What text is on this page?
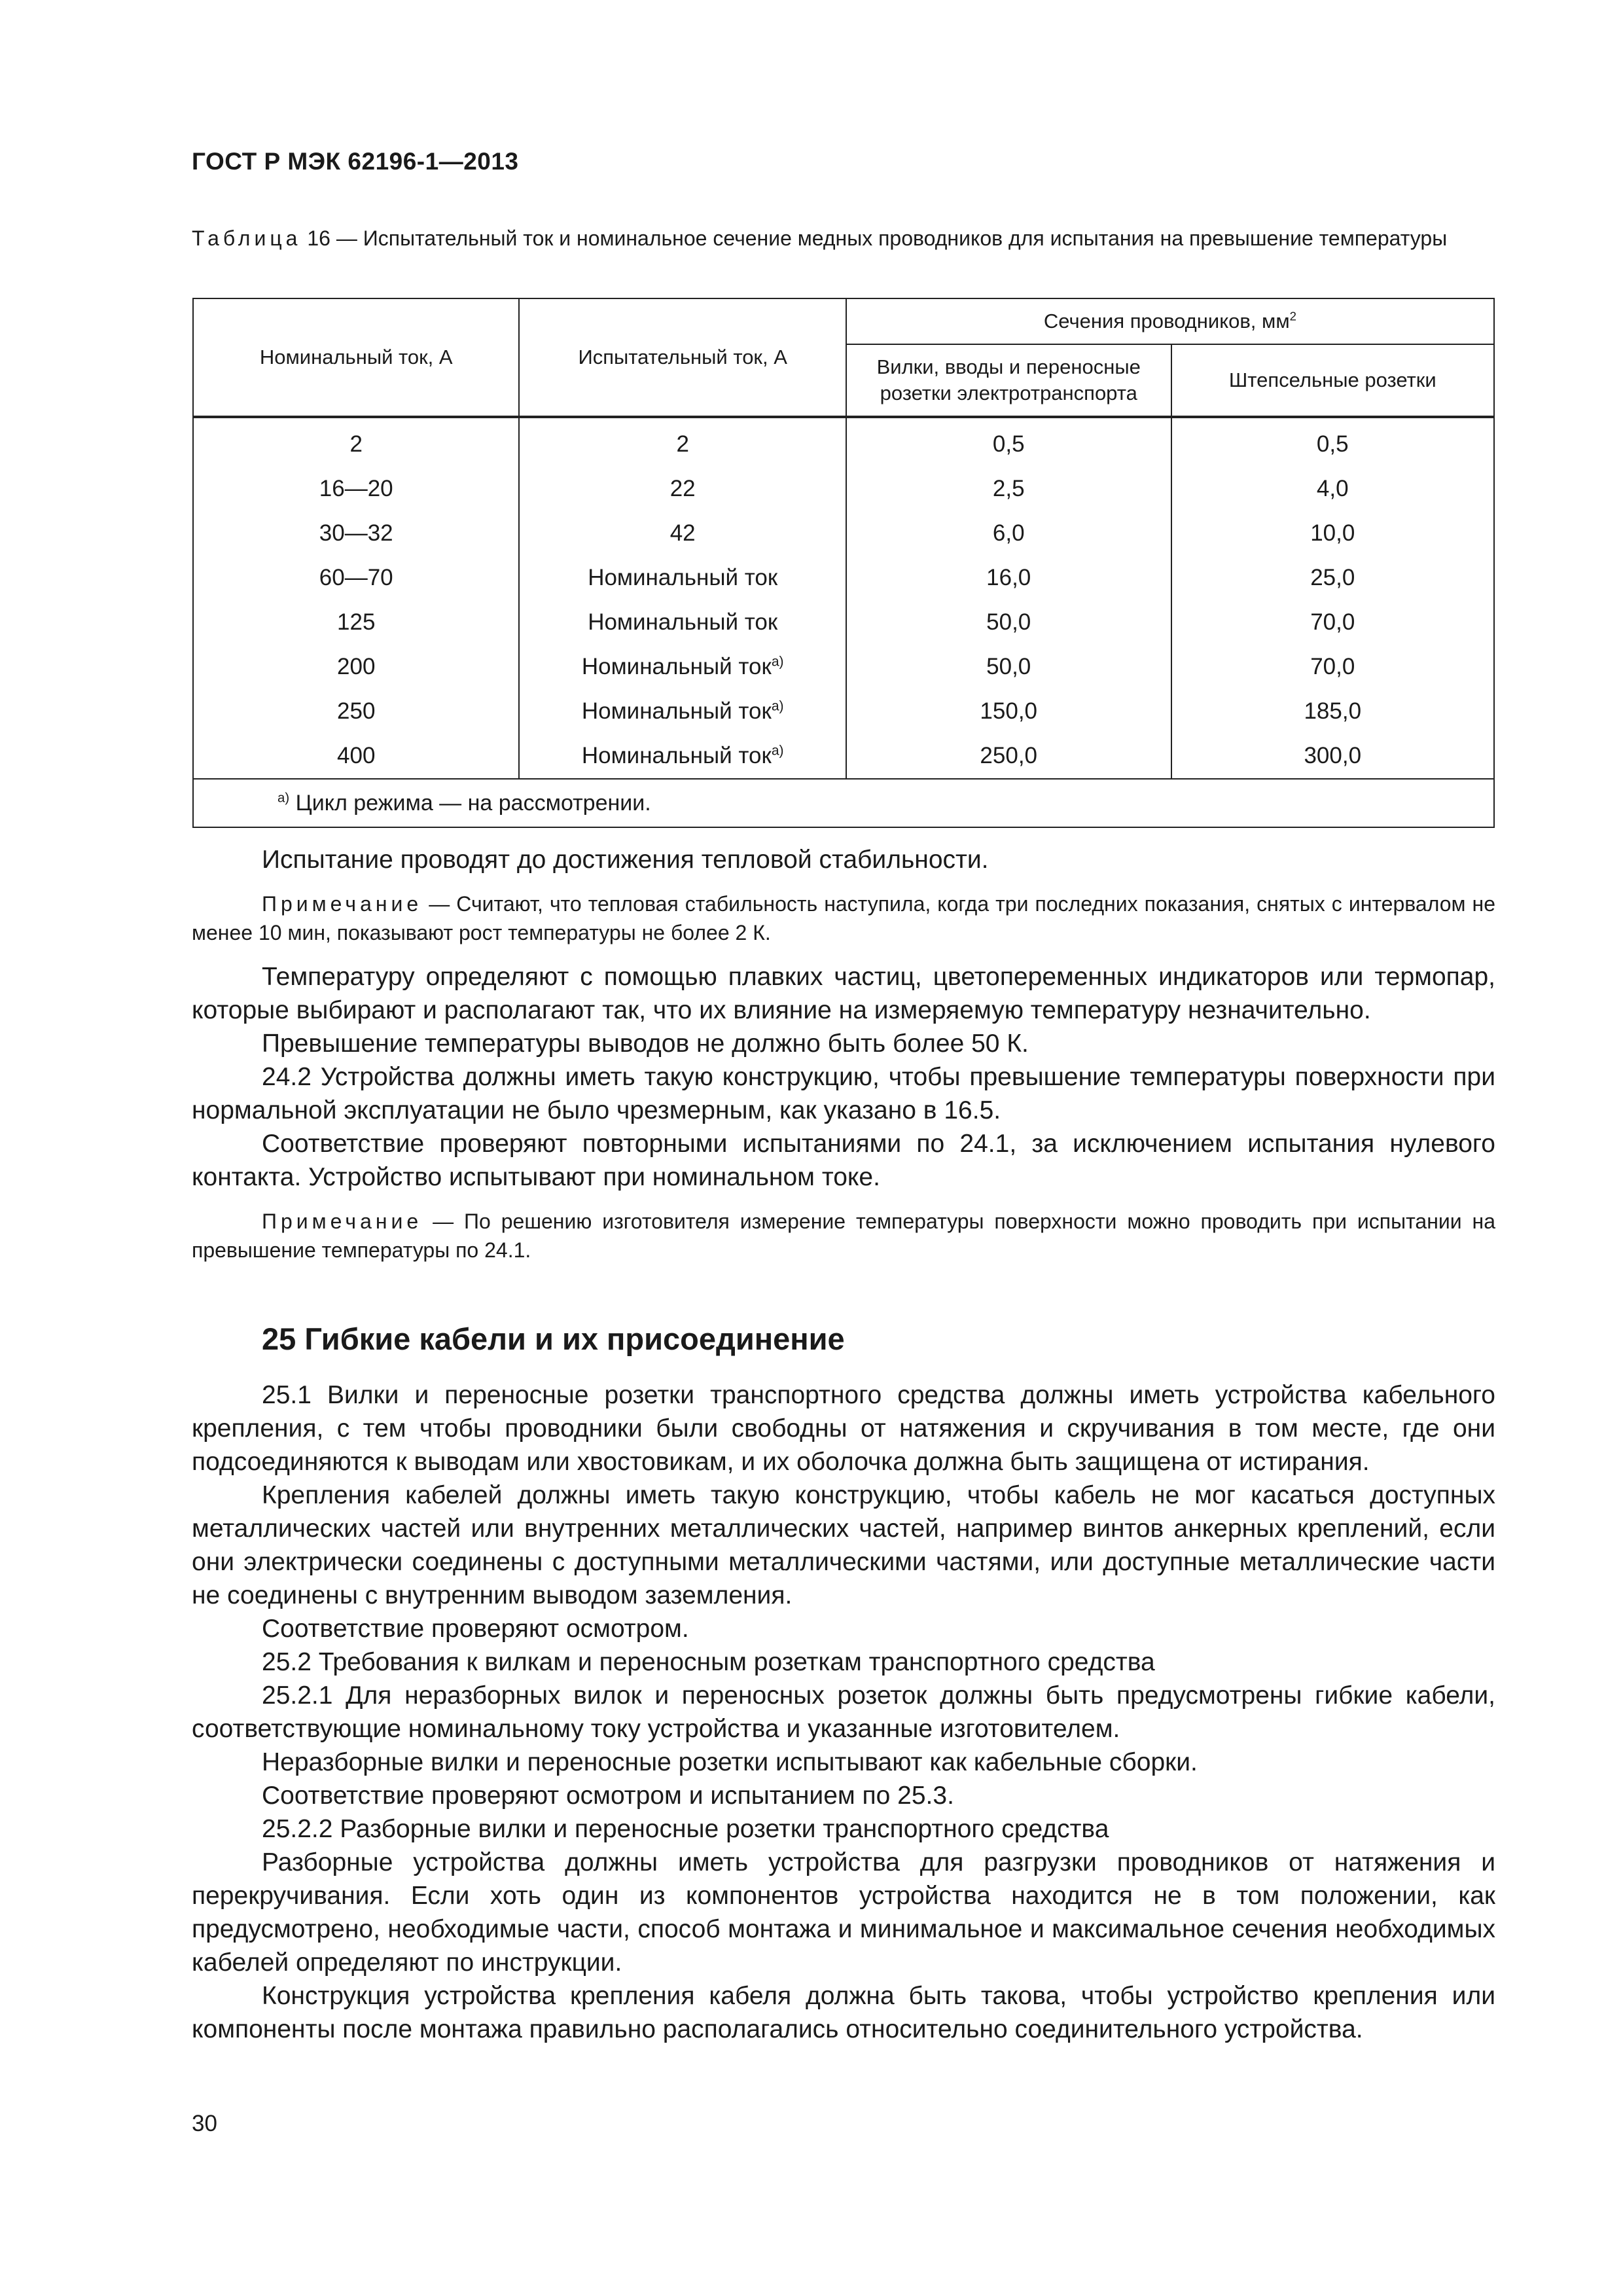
ГОСТ Р МЭК 62196-1—2013
Таблица 16 — Испытательный ток и номинальное сечение медных проводников для испытания на превышение температуры
Номинальный ток, А	Испытательный ток, А	Сечения проводников, $мм^2$
		Вилки, вводы и переносные розетки электротранспорта	Штепсельные розетки
2	2	0,5	0,5
16—20	22	2,5	4,0
30—32	42	6,0	10,0
60—70	Номинальный ток	16,0	25,0
125	Номинальный ток	50,0	70,0
200	Номинальный ток$^{а)}$	50,0	70,0
250	Номинальный ток$^{а)}$	150,0	185,0
400	Номинальный ток$^{а)}$	250,0	300,0
$^{а)}$ Цикл режима — на рассмотрении.			

Испытание проводят до достижения тепловой стабильности.

Примечание — Считают, что тепловая стабильность наступила, когда три последних показания, снятых с интервалом не менее 10 мин, показывают рост температуры не более 2 К.

Температуру определяют с помощью плавких частиц, цветопеременных индикаторов или термопар, которые выбирают и располагают так, что их влияние на измеряемую температуру незначительно.

Превышение температуры выводов не должно быть более 50 К.

24.2 Устройства должны иметь такую конструкцию, чтобы превышение температуры поверхности при нормальной эксплуатации не было чрезмерным, как указано в 16.5.

Соответствие проверяют повторными испытаниями по 24.1, за исключением испытания нулевого контакта. Устройство испытывают при номинальном токе.

Примечание — По решению изготовителя измерение температуры поверхности можно проводить при испытании на превышение температуры по 24.1.

25 Гибкие кабели и их присоединение

25.1 Вилки и переносные розетки транспортного средства должны иметь устройства кабельного крепления, с тем чтобы проводники были свободны от натяжения и скручивания в том месте, где они подсоединяются к выводам или хвостовикам, и их оболочка должна быть защищена от истирания.

Крепления кабелей должны иметь такую конструкцию, чтобы кабель не мог касаться доступных металлических частей или внутренних металлических частей, например винтов анкерных креплений, если они электрически соединены с доступными металлическими частями, или доступные металлические части не соединены с внутренним выводом заземления.

Соответствие проверяют осмотром.

25.2 Требования к вилкам и переносным розеткам транспортного средства

25.2.1 Для неразборных вилок и переносных розеток должны быть предусмотрены гибкие кабели, соответствующие номинальному току устройства и указанные изготовителем.

Неразборные вилки и переносные розетки испытывают как кабельные сборки.

Соответствие проверяют осмотром и испытанием по 25.3.

25.2.2 Разборные вилки и переносные розетки транспортного средства

Разборные устройства должны иметь устройства для разгрузки проводников от натяжения и перекручивания. Если хоть один из компонентов устройства находится не в том положении, как предусмотрено, необходимые части, способ монтажа и минимальное и максимальное сечения необходимых кабелей определяют по инструкции.

Конструкция устройства крепления кабеля должна быть такова, чтобы устройство крепления или компоненты после монтажа правильно располагались относительно соединительного устройства.

30
